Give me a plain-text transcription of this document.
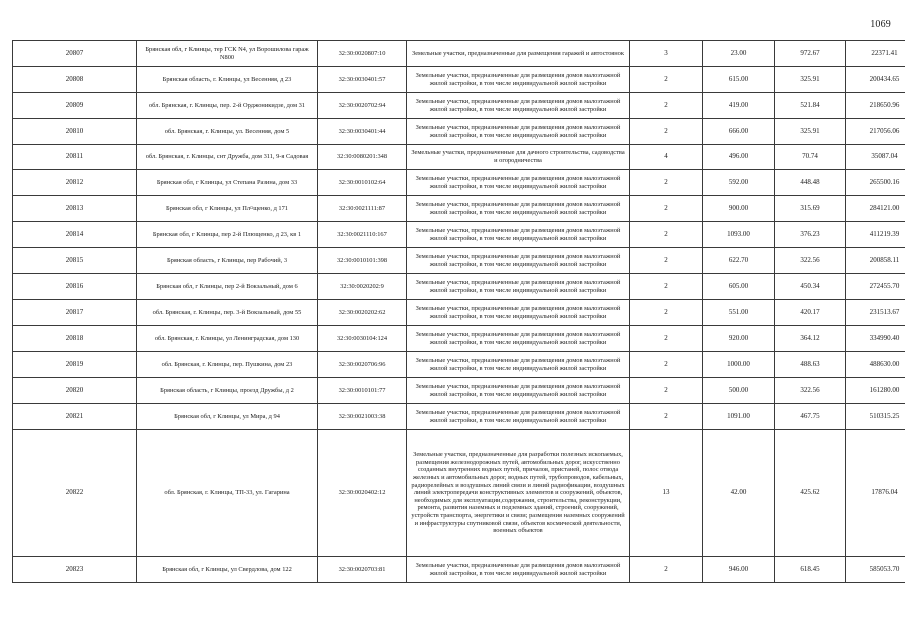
1069
20807	Брянская обл, г Клинцы, тер ГСК N4, ул Ворошилова гараж N800	32:30:0020807:10	Земельные участки, предназначенные для размещения гаражей и автостоянок	3	23.00	972.67	22371.41
20808	Брянская область, г. Клинцы, ул Весенняя, д 23	32:30:0030401:57	Земельные участки, предназначенные для размещения домов малоэтажной жилой застройки, в том числе индивидуальной жилой застройки	2	615.00	325.91	200434.65
20809	обл. Брянская, г. Клинцы, пер. 2-й Орджоникидзе, дом 31	32:30:0020702:94	Земельные участки, предназначенные для размещения домов малоэтажной жилой застройки, в том числе индивидуальной жилой застройки	2	419.00	521.84	218650.96
20810	обл. Брянская, г. Клинцы, ул. Весенняя, дом 5	32:30:0030401:44	Земельные участки, предназначенные для размещения домов малоэтажной жилой застройки, в том числе индивидуальной жилой застройки	2	666.00	325.91	217056.06
20811	обл. Брянская, г. Клинцы, снт Дружба, дом 311, 9-я Садовая	32:30:0080201:348	Земельные участки, предназначенные для дачного строительства, садоводства и огородничества	4	496.00	70.74	35087.04
20812	Брянская обл, г Клинцы, ул Степана Разина, дом 33	32:30:0010102:64	Земельные участки, предназначенные для размещения домов малоэтажной жилой застройки, в том числе индивидуальной жилой застройки	2	592.00	448.48	265500.16
20813	Брянская обл, г Клинцы, ул Пл¤щенко, д 171	32:30:0021111:87	Земельные участки, предназначенные для размещения домов малоэтажной жилой застройки, в том числе индивидуальной жилой застройки	2	900.00	315.69	284121.00
20814	Брянская обл, г Клинцы, пер 2-й Плющенко, д 23, кв 1	32:30:0021110:167	Земельные участки, предназначенные для размещения домов малоэтажной жилой застройки, в том числе индивидуальной жилой застройки	2	1093.00	376.23	411219.39
20815	Брянская область, г Клинцы, пер Рабочий, 3	32:30:0010101:398	Земельные участки, предназначенные для размещения домов малоэтажной жилой застройки, в том числе индивидуальной жилой застройки	2	622.70	322.56	200858.11
20816	Брянская обл, г Клинцы, пер 2-й Вокзальный, дом 6	32:30:0020202:9	Земельные участки, предназначенные для размещения домов малоэтажной жилой застройки, в том числе индивидуальной жилой застройки	2	605.00	450.34	272455.70
20817	обл. Брянская, г. Клинцы, пер. 3-й Вокзальный, дом 55	32:30:0020202:62	Земельные участки, предназначенные для размещения домов малоэтажной жилой застройки, в том числе индивидуальной жилой застройки	2	551.00	420.17	231513.67
20818	обл. Брянская, г. Клинцы, ул Ленинградская, дом 130	32:30:0030104:124	Земельные участки, предназначенные для размещения домов малоэтажной жилой застройки, в том числе индивидуальной жилой застройки	2	920.00	364.12	334990.40
20819	обл. Брянская, г. Клинцы, пер. Пушкина, дом 23	32:30:0020706:96	Земельные участки, предназначенные для размещения домов малоэтажной жилой застройки, в том числе индивидуальной жилой застройки	2	1000.00	488.63	488630.00
20820	Брянская область, г Клинцы, проезд Дружбы, д 2	32:30:0010101:77	Земельные участки, предназначенные для размещения домов малоэтажной жилой застройки, в том числе индивидуальной жилой застройки	2	500.00	322.56	161280.00
20821	Брянская обл, г Клинцы, ул Мира, д 94	32:30:0021003:38	Земельные участки, предназначенные для размещения домов малоэтажной жилой застройки, в том числе индивидуальной жилой застройки	2	1091.00	467.75	510315.25
20822	обл. Брянская, г. Клинцы, ТП-33, ул. Гагарина	32:30:0020402:12	Земельные участки, предназначенные для разработки полезных ископаемых, размещения железнодорожных путей, автомобильных дорог, искусственно созданных внутренних водных путей, причалов, пристаней, полос отвода железных и автомобильных дорог, водных путей, трубопроводов, кабельных, радиорелейных и воздушных линий связи и линий радиофикации, воздушных линий электропередачи конструктивных элементов и сооружений, объектов, необходимых для эксплуатации,содержания, строительства, реконструкции, ремонта, развития наземных и подземных зданий, строений, сооружений, устройств транспорта, энергетики и связи; размещения наземных сооружений и инфраструктуры спутниковой связи, объектов космической деятельности, военных объектов	13	42.00	425.62	17876.04
20823	Брянская обл, г Клинцы, ул Свердлова, дом 122	32:30:0020703:81	Земельные участки, предназначенные для размещения домов малоэтажной жилой застройки, в том числе индивидуальной жилой застройки	2	946.00	618.45	585053.70
